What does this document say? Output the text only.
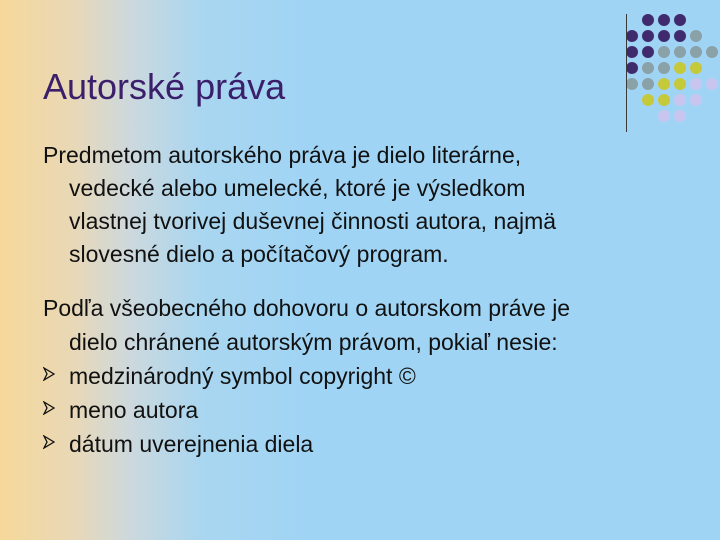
Autorské práva
Predmetom autorského práva je dielo literárne,
vedecké alebo umelecké, ktoré je výsledkom
vlastnej tvorivej duševnej činnosti autora, najmä
slovesné dielo a počítačový program.
Podľa všeobecného dohovoru o autorskom práve je
dielo chránené autorským právom, pokiaľ nesie:
medzinárodný symbol copyright ©
meno autora
dátum uverejnenia diela
